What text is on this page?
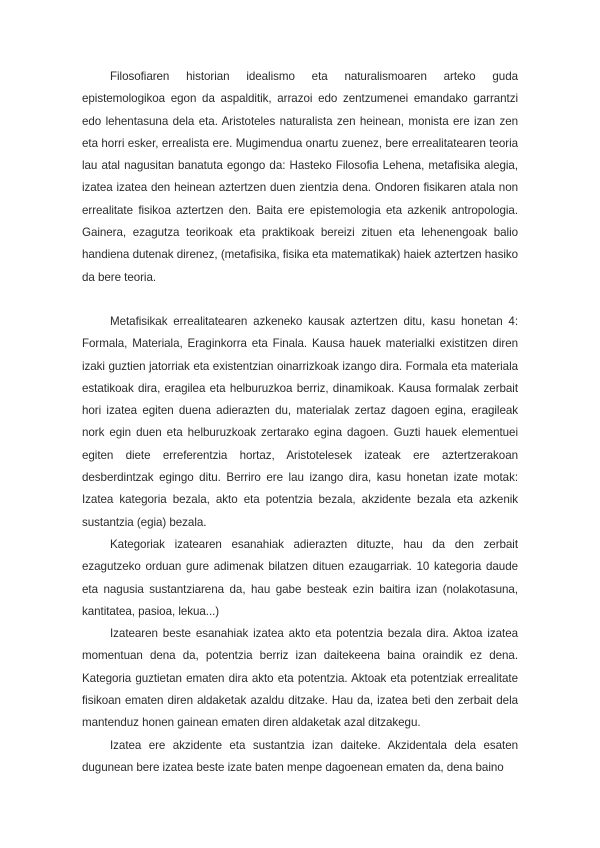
Filosofiaren historian idealismo eta naturalismoaren arteko guda epistemologikoa egon da aspalditik, arrazoi edo zentzumenei emandako garrantzi edo lehentasuna dela eta. Aristoteles naturalista zen heinean, monista ere izan zen eta horri esker, errealista ere. Mugimendua onartu zuenez, bere errealitatearen teoria lau atal nagusitan banatuta egongo da: Hasteko Filosofia Lehena, metafisika alegia, izatea izatea den heinean aztertzen duen zientzia dena. Ondoren fisikaren atala non errealitate fisikoa aztertzen den. Baita ere epistemologia eta azkenik antropologia. Gainera, ezagutza teorikoak eta praktikoak bereizi zituen eta lehenengoak balio handiena dutenak direnez, (metafisika, fisika eta matematikak) haiek aztertzen hasiko da bere teoria.

Metafisikak errealitatearen azkeneko kausak aztertzen ditu, kasu honetan 4: Formala, Materiala, Eraginkorra eta Finala. Kausa hauek materialki existitzen diren izaki guztien jatorriak eta existentzian oinarrizkoak izango dira. Formala eta materiala estatikoak dira, eragilea eta helburuzkoa berriz, dinamikoak. Kausa formalak zerbait hori izatea egiten duena adierazten du, materialak zertaz dagoen egina, eragileak nork egin duen eta helburuzkoak zertarako egina dagoen. Guzti hauek elementuei egiten diete erreferentzia hortaz, Aristotelesek izateak ere aztertzerakoan desberdintzak egingo ditu. Berriro ere lau izango dira, kasu honetan izate motak: Izatea kategoria bezala, akto eta potentzia bezala, akzidente bezala eta azkenik sustantzia (egia) bezala.

Kategoriak izatearen esanahiak adierazten dituzte, hau da den zerbait ezagutzeko orduan gure adimenak bilatzen dituen ezaugarriak. 10 kategoria daude eta nagusia sustantziarena da, hau gabe besteak ezin baitira izan (nolakotasuna, kantitatea, pasioa, lekua...)

Izatearen beste esanahiak izatea akto eta potentzia bezala dira. Aktoa izatea momentuan dena da, potentzia berriz izan daitekeena baina oraindik ez dena. Kategoria guztietan ematen dira akto eta potentzia. Aktoak eta potentziak errealitate fisikoan ematen diren aldaketak azaldu ditzake. Hau da, izatea beti den zerbait dela mantenduz honen gainean ematen diren aldaketak azal ditzakegu.

Izatea ere akzidente eta sustantzia izan daiteke. Akzidentala dela esaten dugunean bere izatea beste izate baten menpe dagoenean ematen da, dena baino
